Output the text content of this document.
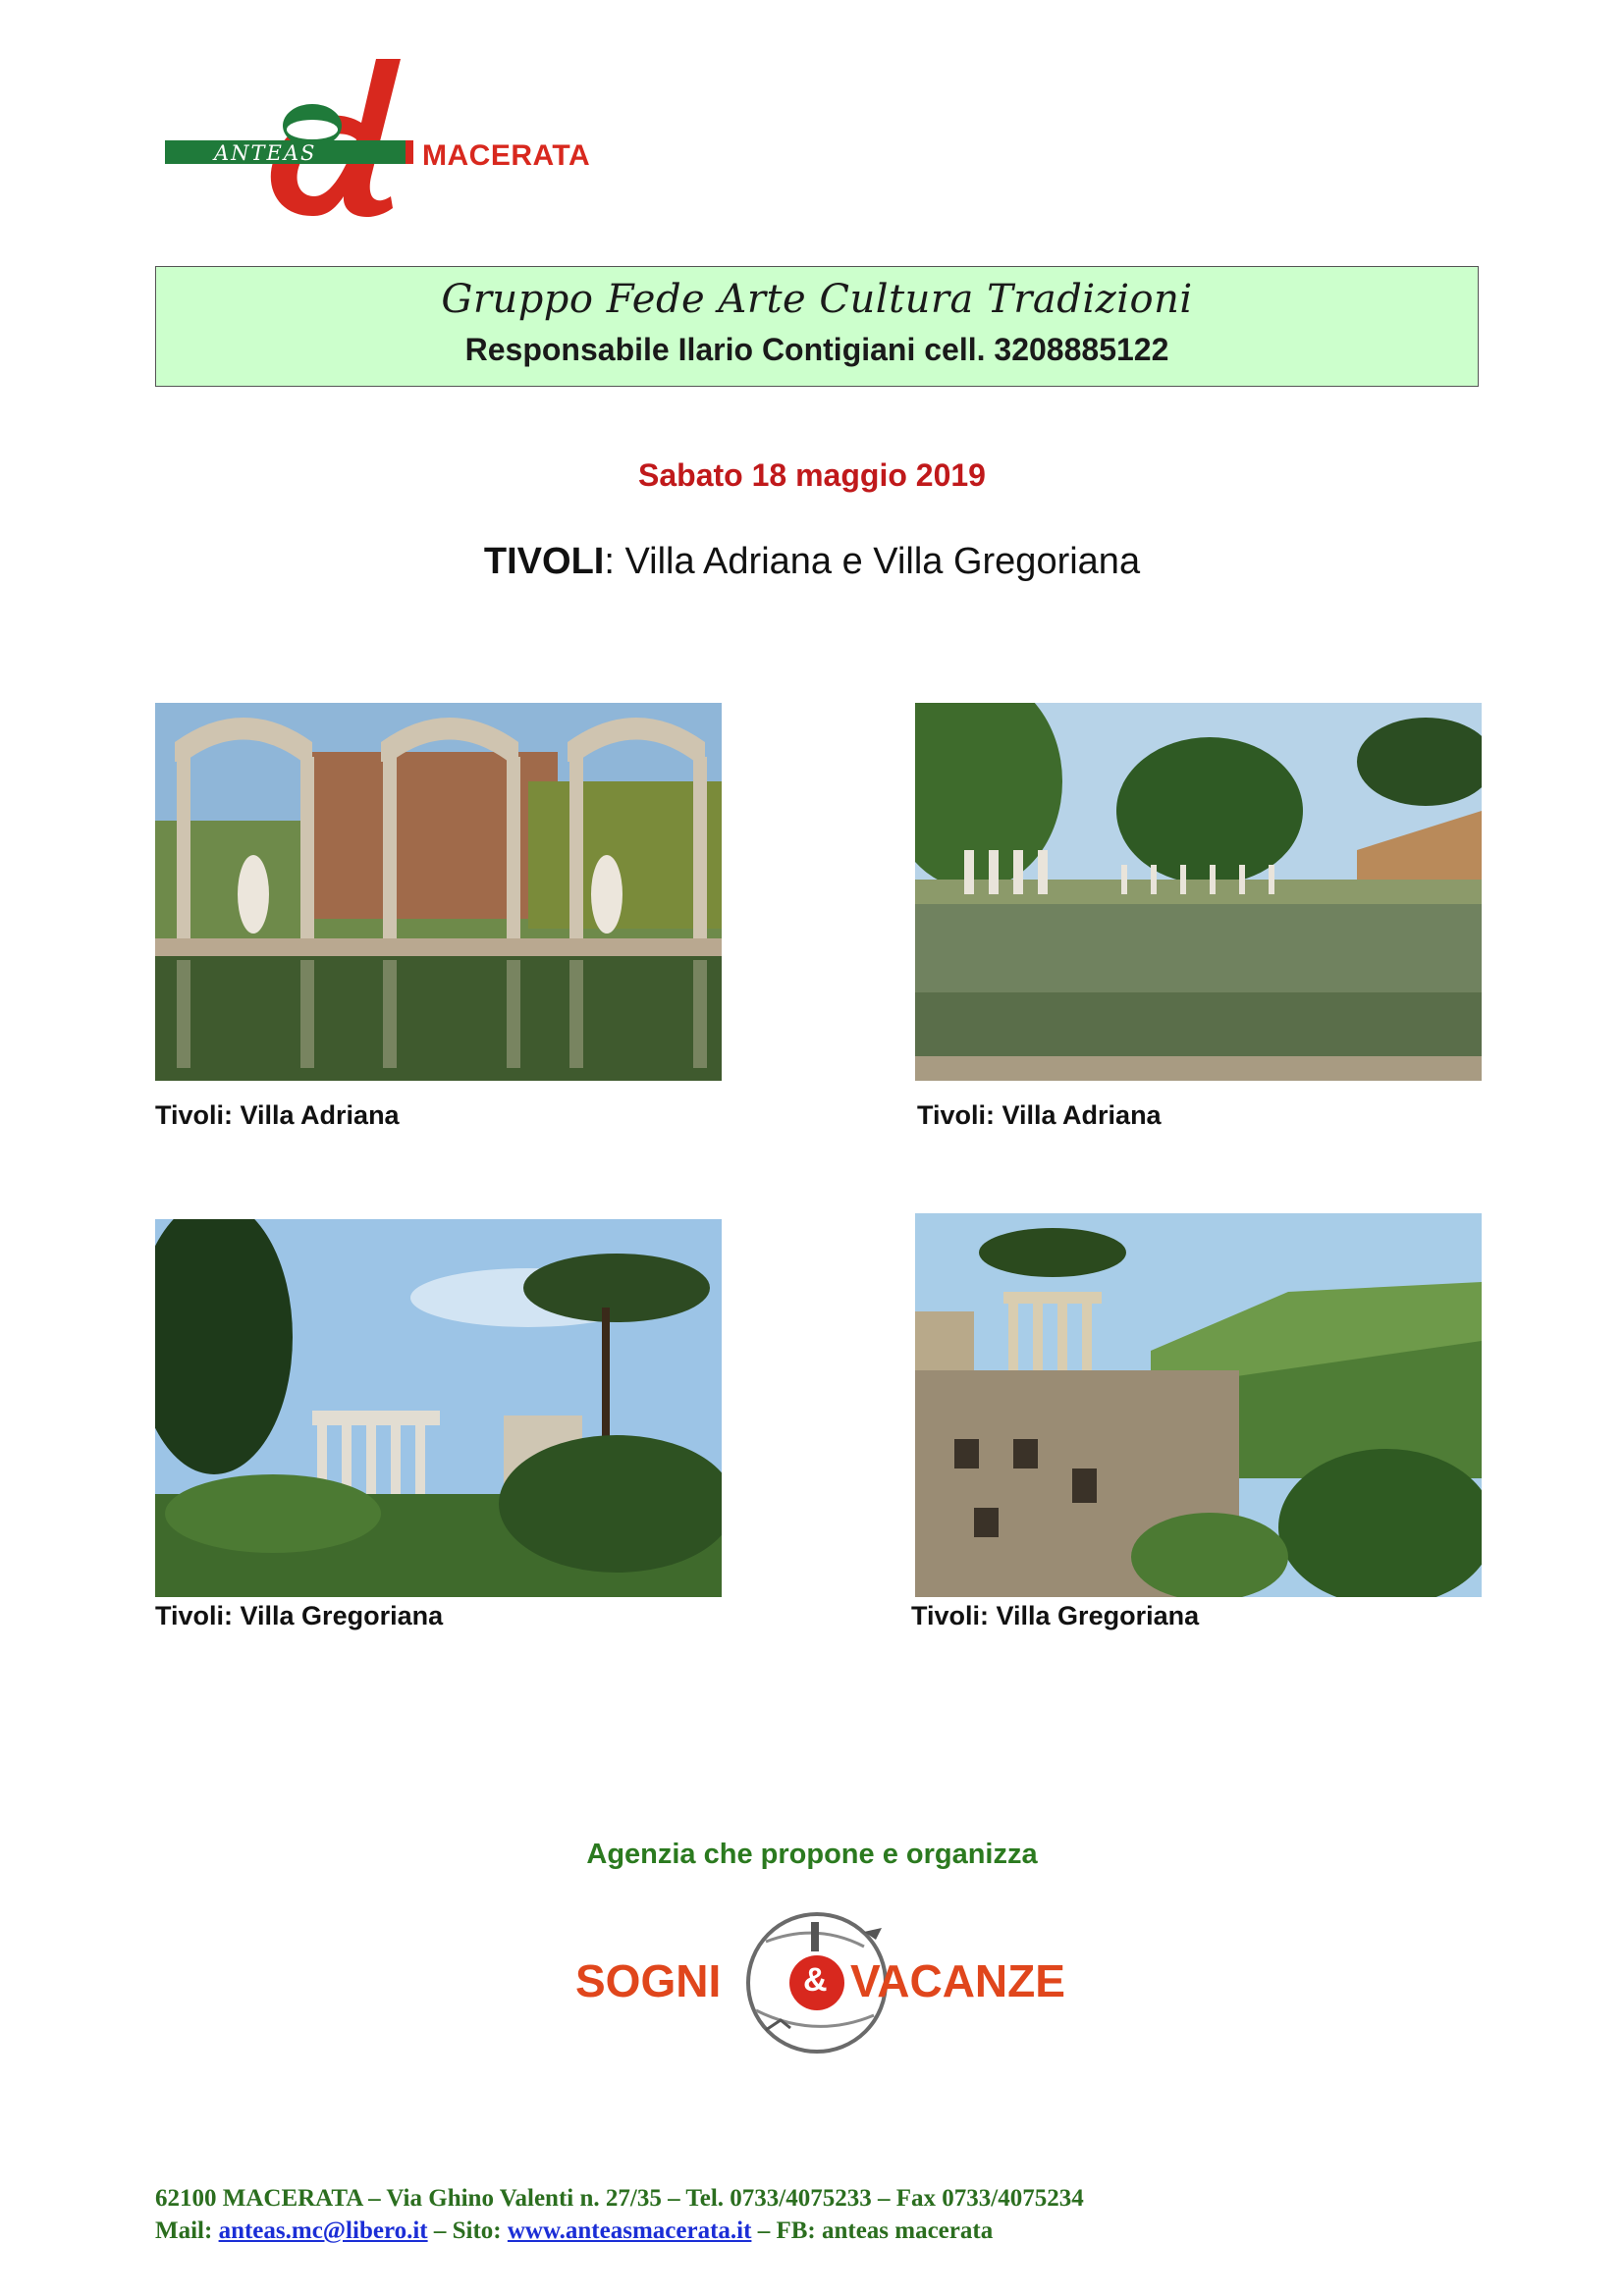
ANTEAS	MACERATA
Gruppo Fede Arte Cultura Tradizioni
Responsabile Ilario Contigiani cell. 3208885122
Sabato 18 maggio 2019
TIVOLI: Villa Adriana e Villa Gregoriana
Tivoli: Villa Adriana	Tivoli: Villa Adriana
Tivoli: Villa Gregoriana	Tivoli: Villa Gregoriana
Agenzia che propone e organizza
SOGNI & VACANZE
62100 MACERATA – Via Ghino Valenti n. 27/35 – Tel. 0733/4075233 – Fax 0733/4075234
Mail: anteas.mc@libero.it – Sito: www.anteasmacerata.it – FB: anteas macerata
